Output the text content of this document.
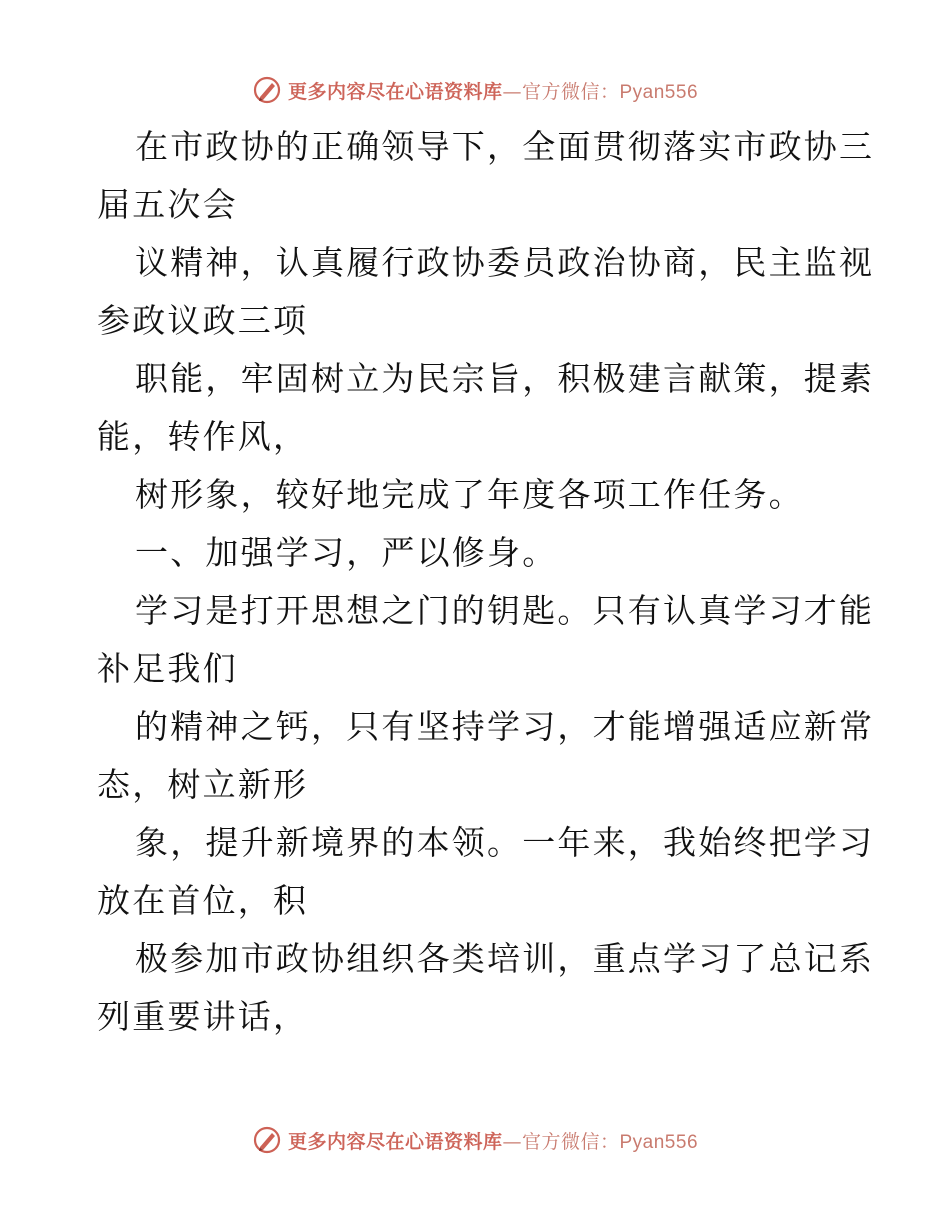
更多内容尽在心语资料库—官方微信：Pyan556
在市政协的正确领导下，全面贯彻落实市政协三
届五次会
议精神，认真履行政协委员政治协商，民主监视
参政议政三项
职能，牢固树立为民宗旨，积极建言献策，提素
能，转作风，
树形象，较好地完成了年度各项工作任务。
一、加强学习，严以修身。
学习是打开思想之门的钥匙。只有认真学习才能
补足我们
的精神之钙，只有坚持学习，才能增强适应新常
态，树立新形
象，提升新境界的本领。一年来，我始终把学习
放在首位，积
极参加市政协组织各类培训，重点学习了总记系
列重要讲话，
更多内容尽在心语资料库—官方微信：Pyan556
